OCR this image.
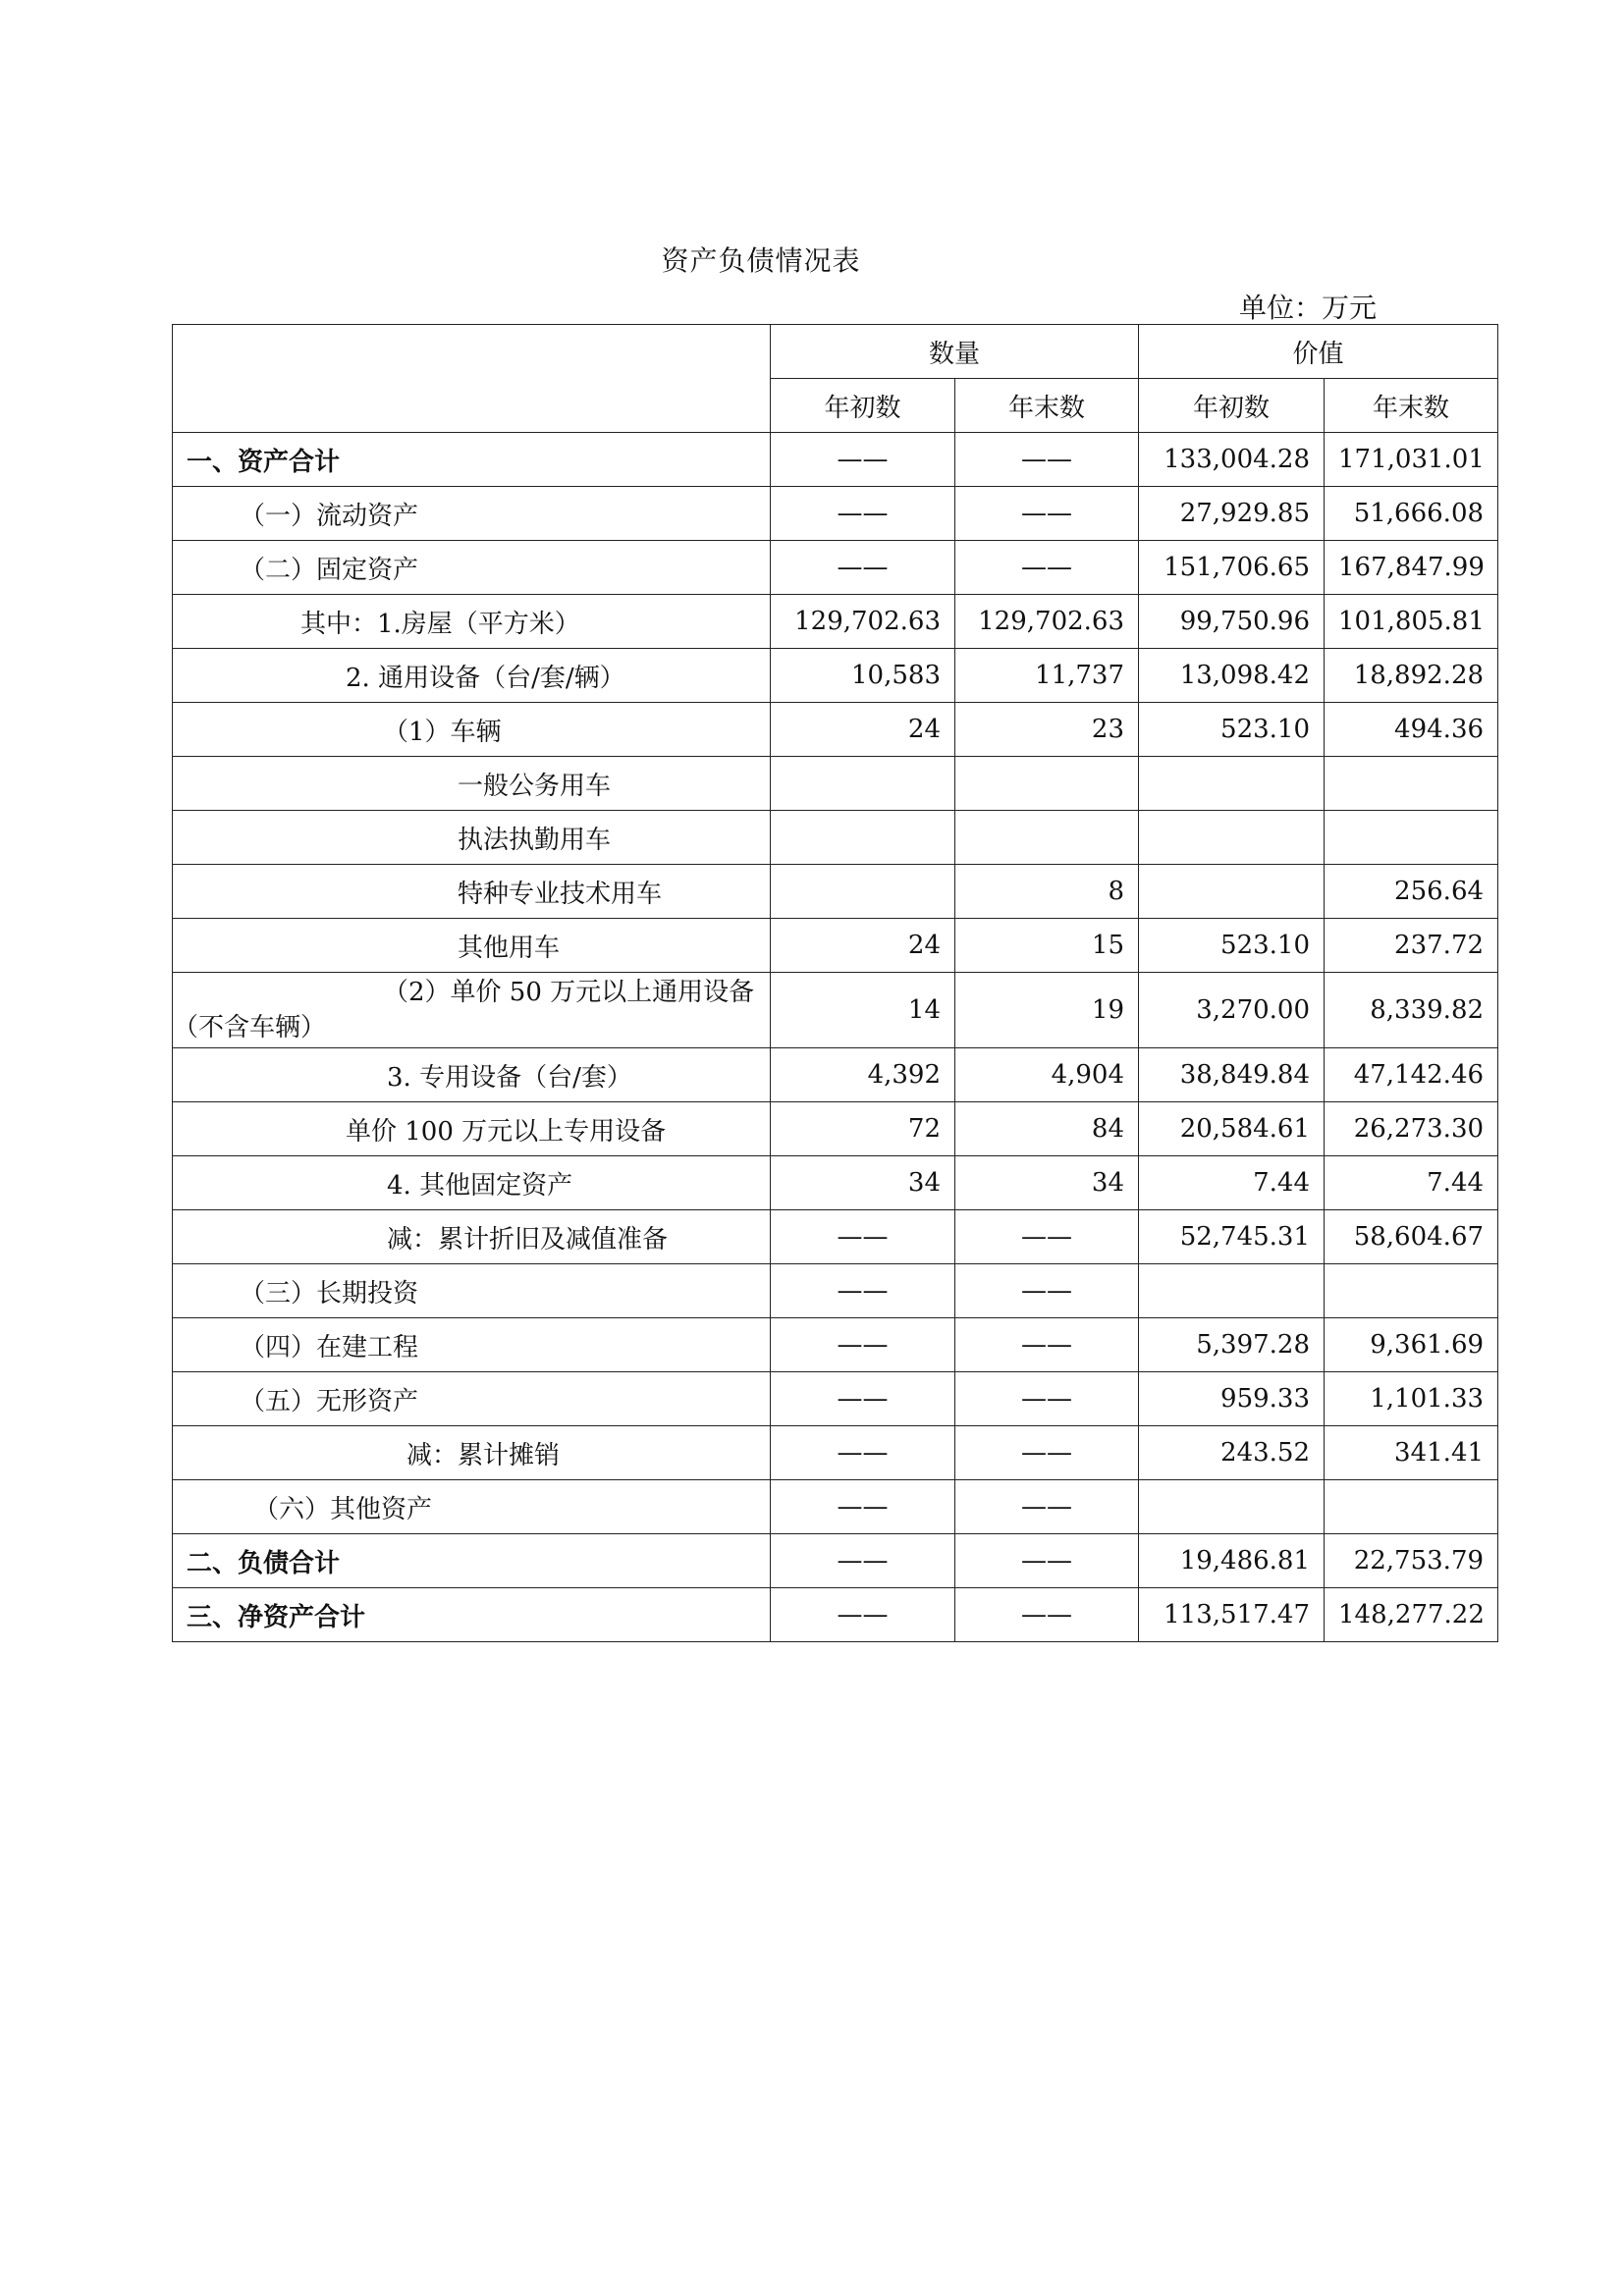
资产负债情况表
单位：万元
	数量		价值	
	年初数	年末数	年初数	年末数
一、资产合计	——	——	133,004.28	171,031.01
（一）流动资产	——	——	27,929.85	51,666.08
（二）固定资产	——	——	151,706.65	167,847.99
其中：1.房屋（平方米）	129,702.63	129,702.63	99,750.96	101,805.81
2. 通用设备（台/套/辆）	10,583	11,737	13,098.42	18,892.28
（1）车辆	24	23	523.10	494.36
一般公务用车				
执法执勤用车				
特种专业技术用车		8		256.64
其他用车	24	15	523.10	237.72
（2）单价 50 万元以上通用设备（不含车辆）	14	19	3,270.00	8,339.82
3. 专用设备（台/套）	4,392	4,904	38,849.84	47,142.46
单价 100 万元以上专用设备	72	84	20,584.61	26,273.30
4. 其他固定资产	34	34	7.44	7.44
减：累计折旧及减值准备	——	——	52,745.31	58,604.67
（三）长期投资	——	——		
（四）在建工程	——	——	5,397.28	9,361.69
（五）无形资产	——	——	959.33	1,101.33
减：累计摊销	——	——	243.52	341.41
（六）其他资产	——	——		
二、负债合计	——	——	19,486.81	22,753.79
三、净资产合计	——	——	113,517.47	148,277.22
